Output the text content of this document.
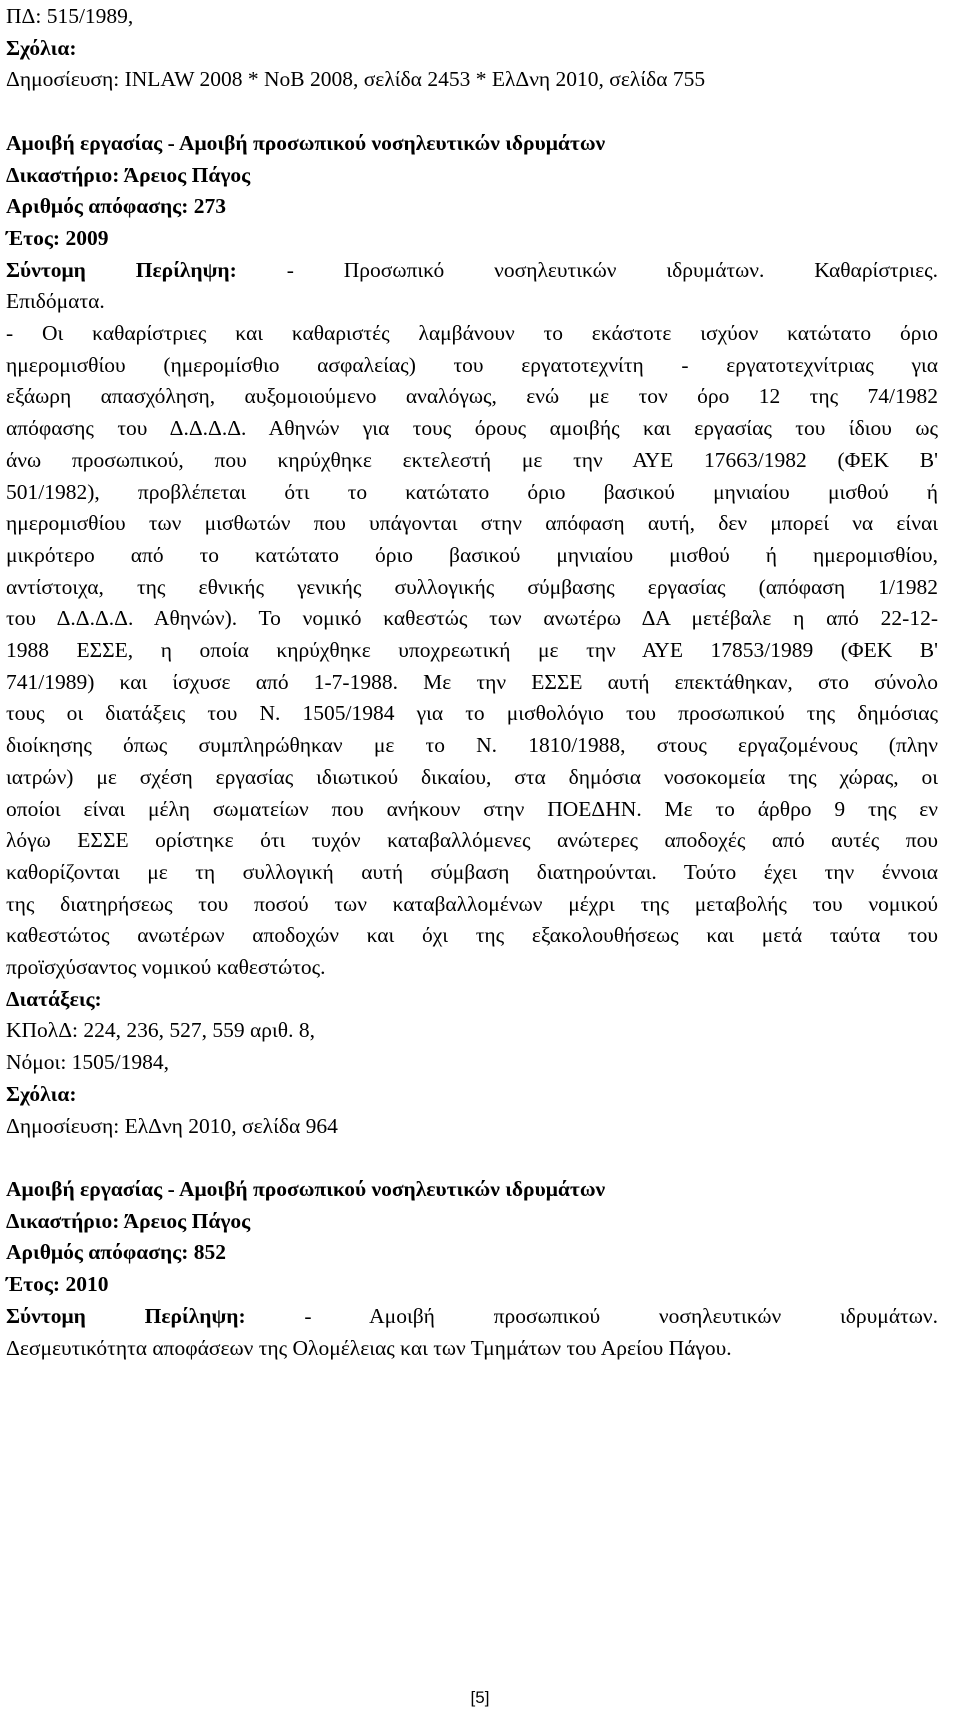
ΠΔ: 515/1989,
Σχόλια:
Δημοσίευση: INLAW 2008 * ΝοΒ 2008, σελίδα 2453 * ΕλΔνη 2010, σελίδα 755
Αμοιβή εργασίας - Αμοιβή προσωπικού νοσηλευτικών ιδρυμάτων
Δικαστήριο: Άρειος Πάγος
Αριθμός απόφασης: 273
Έτος: 2009
Σύντομη Περίληψη: - Προσωπικό νοσηλευτικών ιδρυμάτων. Καθαρίστριες.
Επιδόματα.
- Οι καθαρίστριες και καθαριστές λαμβάνουν το εκάστοτε ισχύον κατώτατο όριο
ημερομισθίου (ημερομίσθιο ασφαλείας) του εργατοτεχνίτη - εργατοτεχνίτριας για
εξάωρη απασχόληση, αυξομοιούμενο αναλόγως, ενώ με τον όρο 12 της 74/1982
απόφασης του Δ.Δ.Δ.Δ. Αθηνών για τους όρους αμοιβής και εργασίας του ίδιου ως
άνω προσωπικού, που κηρύχθηκε εκτελεστή με την ΑΥΕ 17663/1982 (ΦΕΚ Β'
501/1982), προβλέπεται ότι το κατώτατο όριο βασικού μηνιαίου μισθού ή
ημερομισθίου των μισθωτών που υπάγονται στην απόφαση αυτή, δεν μπορεί να είναι
μικρότερο από το κατώτατο όριο βασικού μηνιαίου μισθού ή ημερομισθίου,
αντίστοιχα, της εθνικής γενικής συλλογικής σύμβασης εργασίας (απόφαση 1/1982
του Δ.Δ.Δ.Δ. Αθηνών). Το νομικό καθεστώς των ανωτέρω ΔΑ μετέβαλε η από 22-12-
1988 ΕΣΣΕ, η οποία κηρύχθηκε υποχρεωτική με την ΑΥΕ 17853/1989 (ΦΕΚ Β'
741/1989) και ίσχυσε από 1-7-1988. Με την ΕΣΣΕ αυτή επεκτάθηκαν, στο σύνολο
τους οι διατάξεις του Ν. 1505/1984 για το μισθολόγιο του προσωπικού της δημόσιας
διοίκησης όπως συμπληρώθηκαν με το Ν. 1810/1988, στους εργαζομένους (πλην
ιατρών) με σχέση εργασίας ιδιωτικού δικαίου, στα δημόσια νοσοκομεία της χώρας, οι
οποίοι είναι μέλη σωματείων που ανήκουν στην ΠΟΕΔΗΝ. Με το άρθρο 9 της εν
λόγω ΕΣΣΕ ορίστηκε ότι τυχόν καταβαλλόμενες ανώτερες αποδοχές από αυτές που
καθορίζονται με τη συλλογική αυτή σύμβαση διατηρούνται. Τούτο έχει την έννοια
της διατηρήσεως του ποσού των καταβαλλομένων μέχρι της μεταβολής του νομικού
καθεστώτος ανωτέρων αποδοχών και όχι της εξακολουθήσεως και μετά ταύτα του
προϊσχύσαντος νομικού καθεστώτος.
Διατάξεις:
ΚΠολΔ: 224, 236, 527, 559 αριθ. 8,
Νόμοι: 1505/1984,
Σχόλια:
Δημοσίευση: ΕλΔνη 2010, σελίδα 964
Αμοιβή εργασίας - Αμοιβή προσωπικού νοσηλευτικών ιδρυμάτων
Δικαστήριο: Άρειος Πάγος
Αριθμός απόφασης: 852
Έτος: 2010
Σύντομη Περίληψη: - Αμοιβή προσωπικού νοσηλευτικών ιδρυμάτων.
Δεσμευτικότητα αποφάσεων της Ολομέλειας και των Τμημάτων του Αρείου Πάγου.
[5]
